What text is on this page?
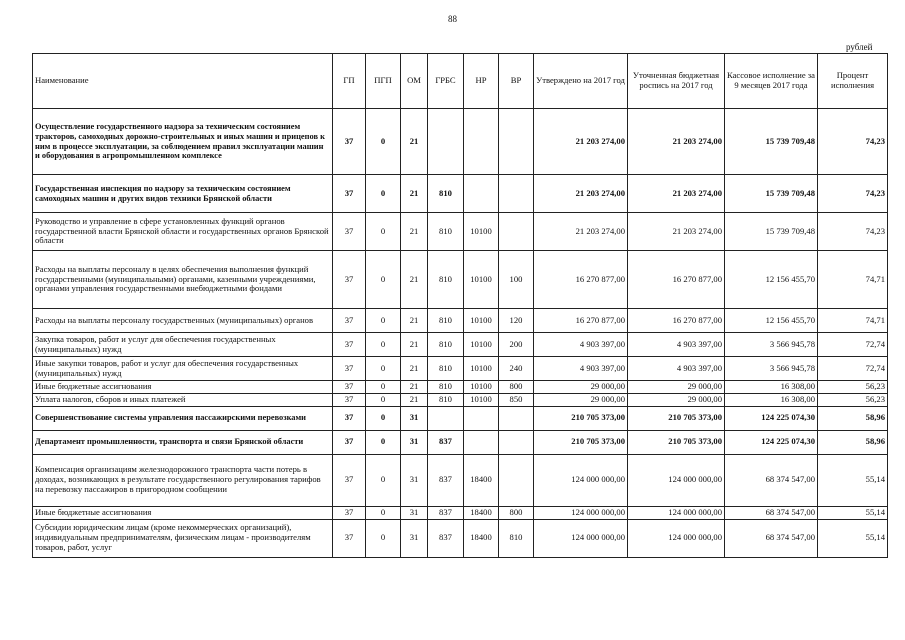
88
рублей
Наименование	ГП	ПГП	ОМ	ГРБС	НР	ВР	Утверждено на 2017 год	Уточненная бюджетная роспись на 2017 год	Кассовое исполнение за 9 месяцев 2017 года	Процент исполнения
Осуществление государственного надзора за техническим состоянием тракторов, самоходных дорожно-строительных и иных машин и прицепов к ним в процессе эксплуатации, за соблюдением правил эксплуатации машин и оборудования в агропромышленном комплексе	37	0	21				21 203 274,00	21 203 274,00	15 739 709,48	74,23
Государственная инспекция по надзору за техническим состоянием самоходных машин и других видов техники Брянской области	37	0	21	810			21 203 274,00	21 203 274,00	15 739 709,48	74,23
Руководство и управление в сфере установленных функций органов государственной власти Брянской области и государственных органов Брянской области	37	0	21	810	10100		21 203 274,00	21 203 274,00	15 739 709,48	74,23
Расходы на выплаты персоналу в целях обеспечения выполнения функций государственными (муниципальными) органами, казенными учреждениями, органами управления государственными внебюджетными фондами	37	0	21	810	10100	100	16 270 877,00	16 270 877,00	12 156 455,70	74,71
Расходы на выплаты персоналу государственных (муниципальных) органов	37	0	21	810	10100	120	16 270 877,00	16 270 877,00	12 156 455,70	74,71
Закупка товаров, работ и услуг для обеспечения государственных (муниципальных) нужд	37	0	21	810	10100	200	4 903 397,00	4 903 397,00	3 566 945,78	72,74
Иные закупки товаров, работ и услуг для обеспечения государственных (муниципальных) нужд	37	0	21	810	10100	240	4 903 397,00	4 903 397,00	3 566 945,78	72,74
Иные бюджетные ассигнования	37	0	21	810	10100	800	29 000,00	29 000,00	16 308,00	56,23
Уплата налогов, сборов и иных платежей	37	0	21	810	10100	850	29 000,00	29 000,00	16 308,00	56,23
Совершенствование системы управления пассажирскими перевозками	37	0	31				210 705 373,00	210 705 373,00	124 225 074,30	58,96
Департамент промышленности, транспорта и связи Брянской области	37	0	31	837			210 705 373,00	210 705 373,00	124 225 074,30	58,96
Компенсация организациям железнодорожного транспорта части потерь в доходах, возникающих в результате государственного регулирования тарифов на перевозку пассажиров в пригородном сообщении	37	0	31	837	18400		124 000 000,00	124 000 000,00	68 374 547,00	55,14
Иные бюджетные ассигнования	37	0	31	837	18400	800	124 000 000,00	124 000 000,00	68 374 547,00	55,14
Субсидии юридическим лицам (кроме некоммерческих организаций), индивидуальным предпринимателям, физическим лицам - производителям товаров, работ, услуг	37	0	31	837	18400	810	124 000 000,00	124 000 000,00	68 374 547,00	55,14
